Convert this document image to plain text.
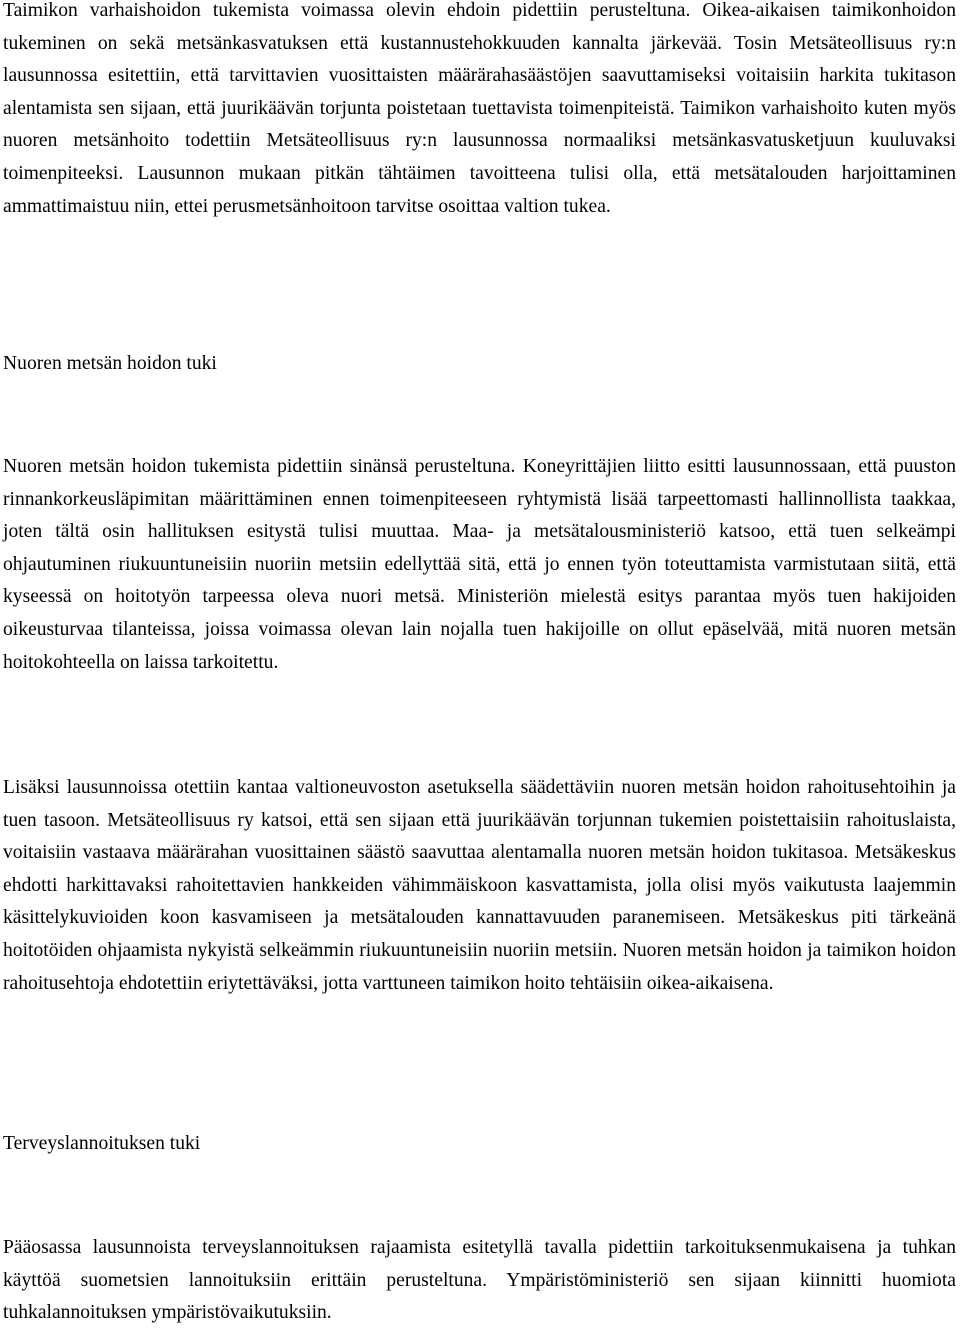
Taimikon varhaishoidon tukemista voimassa olevin ehdoin pidettiin perusteltuna. Oikea-aikaisen taimikonhoidon tukeminen on sekä metsänkasvatuksen että kustannustehokkuuden kannalta järkevää. Tosin Metsäteollisuus ry:n lausunnossa esitettiin, että tarvittavien vuosittaisten määrärahasäästöjen saavuttamiseksi voitaisiin harkita tukitason alentamista sen sijaan, että juurikäävän torjunta poistetaan tuettavista toimenpiteistä. Taimikon varhaishoito kuten myös nuoren metsänhoito todettiin Metsäteollisuus ry:n lausunnossa normaaliksi metsänkasvatusketjuun kuuluvaksi toimenpiteeksi. Lausunnon mukaan pitkän tähtäimen tavoitteena tulisi olla, että metsätalouden harjoittaminen ammattimaistuu niin, ettei perusmetsänhoitoon tarvitse osoittaa valtion tukea.

Nuoren metsän hoidon tuki

Nuoren metsän hoidon tukemista pidettiin sinänsä perusteltuna. Koneyrittäjien liitto esitti lausunnossaan, että puuston rinnankorkeusläpimitan määrittäminen ennen toimenpiteeseen ryhtymistä lisää tarpeettomasti hallinnollista taakkaa, joten tältä osin hallituksen esitystä tulisi muuttaa. Maa- ja metsätalousministeriö katsoo, että tuen selkeämpi ohjautuminen riukuuntuneisiin nuoriin metsiin edellyttää sitä, että jo ennen työn toteuttamista varmistutaan siitä, että kyseessä on hoitotyön tarpeessa oleva nuori metsä. Ministeriön mielestä esitys parantaa myös tuen hakijoiden oikeusturvaa tilanteissa, joissa voimassa olevan lain nojalla tuen hakijoille on ollut epäselvää, mitä nuoren metsän hoitokohteella on laissa tarkoitettu.

Lisäksi lausunnoissa otettiin kantaa valtioneuvoston asetuksella säädettäviin nuoren metsän hoidon rahoitusehtoihin ja tuen tasoon. Metsäteollisuus ry katsoi, että sen sijaan että juurikäävän torjunnan tukemien poistettaisiin rahoituslaista, voitaisiin vastaava määrärahan vuosittainen säästö saavuttaa alentamalla nuoren metsän hoidon tukitasoa. Metsäkeskus ehdotti harkittavaksi rahoitettavien hankkeiden vähimmäiskoon kasvattamista, jolla olisi myös vaikutusta laajemmin käsittelykuvioiden koon kasvamiseen ja metsätalouden kannattavuuden paranemiseen. Metsäkeskus piti tärkeänä hoitotöiden ohjaamista nykyistä selkeämmin riukuuntuneisiin nuoriin metsiin. Nuoren metsän hoidon ja taimikon hoidon rahoitusehtoja ehdotettiin eriytettäväksi, jotta varttuneen taimikon hoito tehtäisiin oikea-aikaisena.

Terveyslannoituksen tuki

Pääosassa lausunnoista terveyslannoituksen rajaamista esitetyllä tavalla pidettiin tarkoituksenmukaisena ja tuhkan käyttöä suometsien lannoituksiin erittäin perusteltuna. Ympäristöministeriö sen sijaan kiinnitti huomiota tuhkalannoituksen ympäristövaikutuksiin.
